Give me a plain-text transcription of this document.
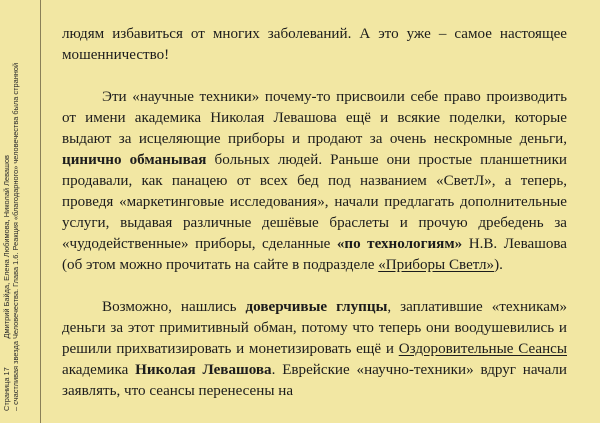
Страница 17              Дмитрий Байда, Елена Любимова, Николай Левашов – счастливая звезда Человечества. Глава 1.6. Реакция «благодарного» человечества была странной

людям избавиться от многих заболеваний. А это уже – самое настоящее мошенничество!

Эти «научные техники» почему-то присвоили себе право производить от имени академика Николая Левашова ещё и всякие поделки, которые выдают за исцеляющие приборы и продают за очень нескромные деньги, цинично обманывая больных людей. Раньше они простые планшетники продавали, как панацею от всех бед под названием «СветЛ», а теперь, проведя «маркетинговые исследования», начали предлагать дополнительные услуги, выдавая различные дешёвые браслеты и прочую дребедень за «чудодейственные» приборы, сделанные «по технологиям» Н.В. Левашова (об этом можно прочитать на сайте в подразделе «Приборы Светл»).

Возможно, нашлись доверчивые глупцы, заплатившие «техникам» деньги за этот примитивный обман, потому что теперь они воодушевились и решили прихватизировать и монетизировать ещё и Оздоровительные Сеансы академика Николая Левашова. Еврейские «научно-техники» вдруг начали заявлять, что сеансы перенесены на
